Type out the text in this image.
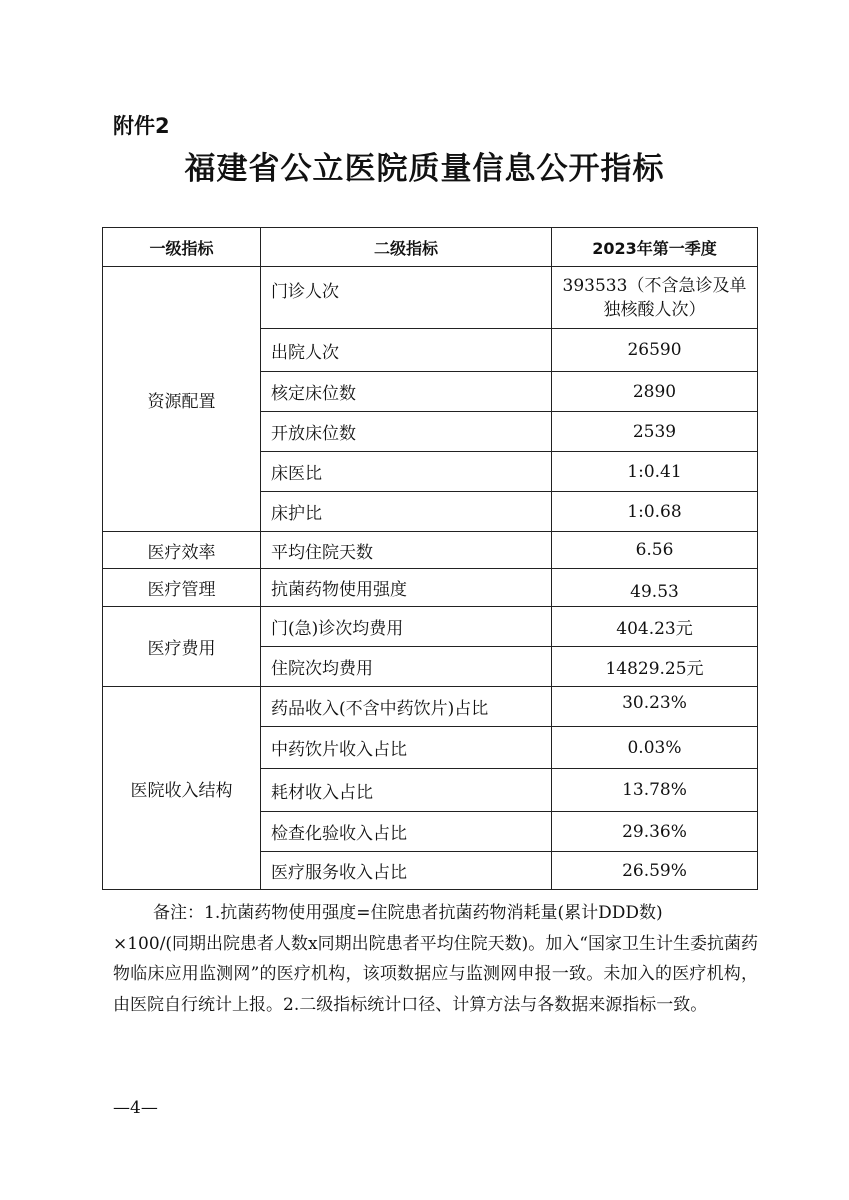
附件2
福建省公立医院质量信息公开指标
一级指标	二级指标	2023年第一季度
资源配置	门诊人次	393533（不含急诊及单独核酸人次）
	出院人次	26590
	核定床位数	2890
	开放床位数	2539
	床医比	1:0.41
	床护比	1:0.68
医疗效率	平均住院天数	6.56
医疗管理	抗菌药物使用强度	49.53
医疗费用	门(急)诊次均费用	404.23元
	住院次均费用	14829.25元
医院收入结构	药品收入(不含中药饮片)占比	30.23%
	中药饮片收入占比	0.03%
	耗材收入占比	13.78%
	检查化验收入占比	29.36%
	医疗服务收入占比	26.59%
备注：1.抗菌药物使用强度=住院患者抗菌药物消耗量(累计DDD数)
×100/(同期出院患者人数x同期出院患者平均住院天数)。加入“国家卫生计生委抗菌药物临床应用监测网”的医疗机构，该项数据应与监测网申报一致。未加入的医疗机构，由医院自行统计上报。2.二级指标统计口径、计算方法与各数据来源指标一致。
—4—
